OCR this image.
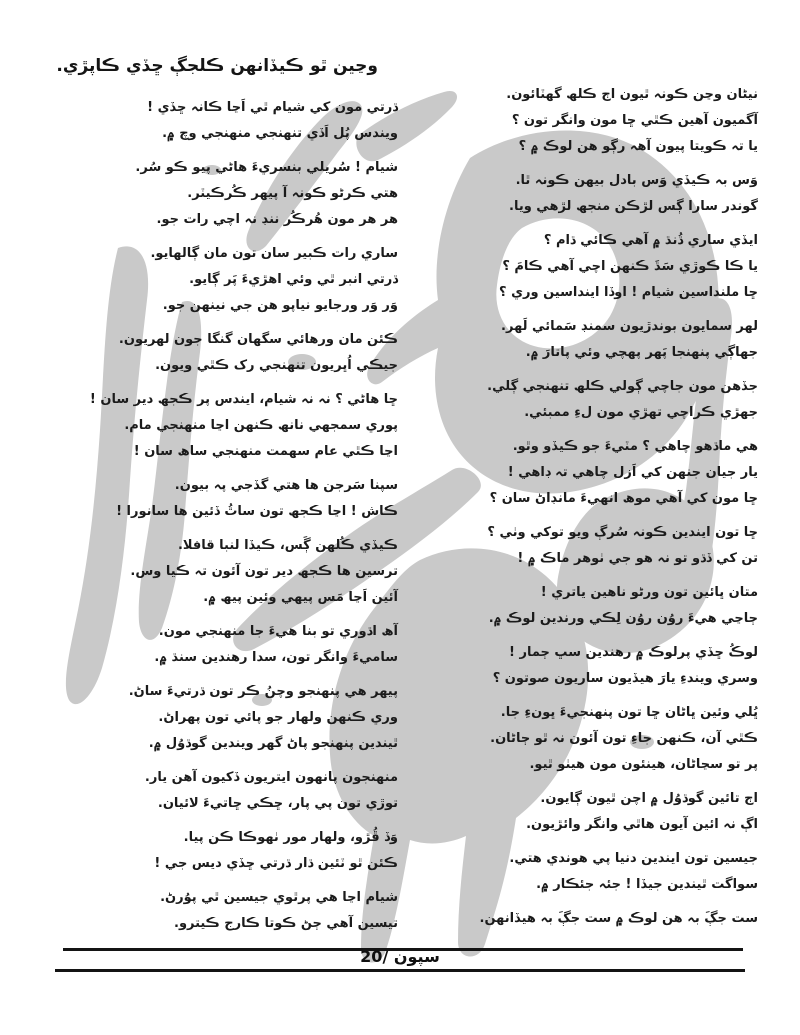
وڃين ٿو ڪيڏانھن ڪلجڳ ڇڏي ڪاپڙي.
نيڻان وڃن ڪونہ ٿيون اڄ ڪلھ گھٽائون.
آگميون آھين ڪٿي ڇا مون وانگر تون ؟
يا تہ ڪويتا پيون آھہ رڳو ھن لوڪ ۾ ؟
وَس بہ ڪيڏي وَس بادل بيھن ڪونہ ٿا.
گوندر سارا ڳس لڙڪن منجھ لڙھي ويا.
ايڏي ساري ڌُنڌ ۾ آھي ڪائي ڌام ؟
يا ڪا ڪوڙي سَڌَ ڪنھن اچي آھي ڪامَ ؟
ڇا ملنداسين شيام ! اوڏا اينداسين وري ؟
لھر سمايون بوندڙيون سمنڊ سَمائي لَھر.
جھاڳي پنھنجا پَھر پھچي وئي پاتارَ ۾.
جڏھن مون جاچي ڳولي ڪلھ تنھنجي ڳلي.
جھڙي ڪراچي تھڙي مون لءِ ممبئي.
ھي ماڌھو چاھي ؟ مٽيءَ جو ڪيڏو وٿو.
يار جيان جنھن کي اَزل چاھي تہ ڊاھي !
ڇا مون کي آھي موھ انھيءَ مانڊاڻ سان ؟
ڇا تون ايندين ڪونہ سُرڳ ويو توکي وٺي ؟
تن کي ڏڌو تو نہ ھو جي ٺوھر ماڪ ۾ !
متان ڀائين تون ورڻو ناھين ياتري !
ڄاڃي ھيءَ روُن روُن لِڪي ورندين لوڪ ۾.
لوڪُ ڇڏي پرلوڪ ۾ رھندين سڀ ڄمار !
وسري ويندءِ يارَ ھيڏيون ساريون صوتون ؟
ڀُلي وئين ڀاڻان ڇا تون پنھنجيءَ ڀونءِ جا.
ڪٿي آن، ڪنھن جاءِ تون آئون نہ ٿو ڄاڻان.
پر تو سڃاڻان، ھينئون مون ھيٺو ٿيو.
اڄ تائين گوڌوُل ۾ اچن ٿيون ڳايون.
اڳ نہ ائين آيون ھاٿي وانگر وائڙيون.
جيسين تون ايندين دنيا پي ھوندي ھتي.
سواگت ٿيندين جيڏا ! جئہ جئڪار ۾.
ست جڳَ بہ ھن لوڪ ۾ ست جڳَ بہ ھيڏانھن.
ڌرتي مون کي شيام ٿي اَڃا ڪانہ ڇڏي !
ويندس پُل اَڏي تنھنجي منھنجي وچ ۾.
شيام ! سُريلي بنسريءَ ھاڻي پيو ڪو سُر.
ھتي ڪرڻو ڪونہ آ پيھر ڪُرڪيٽر.
ھر ھر مون ھُرڪُر ننڊ نہ اچي رات جو.
ساري رات ڪبير سان تون مان ڳالھايو.
ڌرتي انبر ٿي وئي اھڙيءَ پَر ڳايو.
وَر وَر ورجايو نياپو ھن جي نينھن جو.
ڪئن مان ورھائي سگھان گنگا جون لھريون.
جيڪي اُڀريون تنھنجي رک ڪٿي ويون.
ڇا ھاڻي ؟ نہ نہ شيام، ايندس پر ڪجھ دير سان !
پوري سمجھي نانھ ڪنھن اڃا منھنجي مام.
اڃا ڪٿي عام سھمت منھنجي ساھ سان !
سپنا سَرجن ھا ھتي گڏجي پہ بيون.
ڪاش ! اڃا ڪجھ تون ساٿُ ڏئين ھا سانورا !
ڪيڏي ڪُلھن ڳَس، ڪيڏا لنبا قافلا.
ترسين ھا ڪجھ دير تون آئون تہ ڪيا وس.
آئين اَڃا مَس پيھي وئين پيھ ۾.
آھ اڌوري تو بنا ھيءَ جا منھنجي مون.
ساميءَ وانگر تون، سدا رھندين سنڌ ۾.
پيھر ھي پنھنجو وچنُ ڪر تون ڌرتيءَ ساڻ.
وري ڪنھن ولھار جو پائي تون پھراڻ.
ٿيندين پنھنجو پاڻ گھر ويندين گوڌوُل ۾.
منھنجون پانھون ايتريون ڏکيون آھن يار.
توڙي تون پي پار، ڇڪي ڇاتيءَ لائيان.
وَڏ ڦُڙو، ولھار مور ٺھوڪا ڪن پيا.
ڪئن ٿو ٽئين ڌار ڌرتي ڇڏي ديس جي !
شيام اڃا ھي پرٿوي جيسين ٿي پوُرڻ.
تيسين آھي ڄڻ ڪوتا ڪارج ڪيترو.
سپون /20
